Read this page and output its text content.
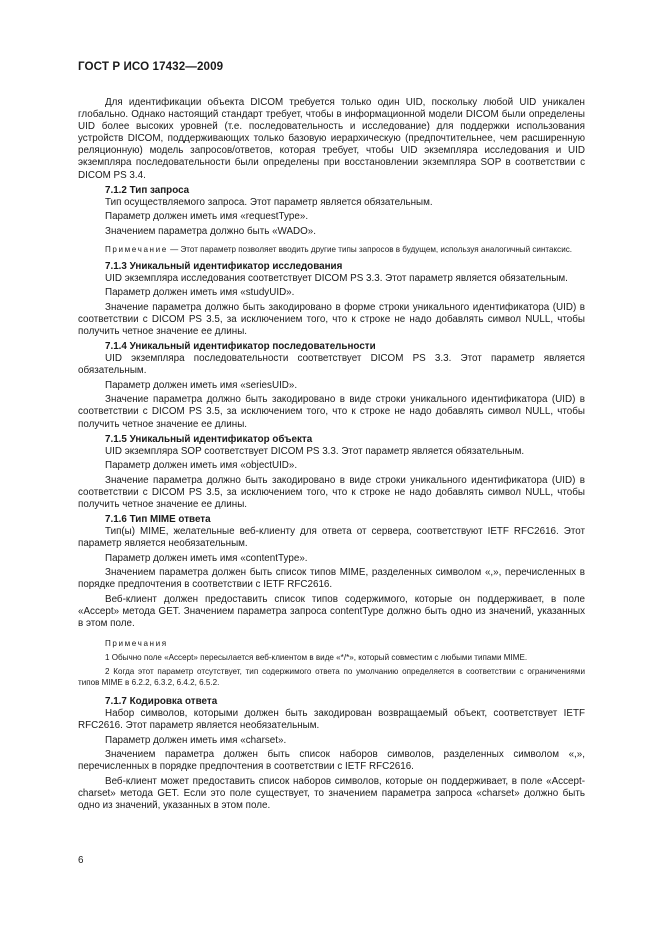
ГОСТ Р ИСО 17432—2009

Для идентификации объекта DICOM требуется только один UID, поскольку любой UID уникален глобально. Однако настоящий стандарт требует, чтобы в информационной модели DICOM были определены UID более высоких уровней (т.е. последовательность и исследование) для поддержки использования устройств DICOM, поддерживающих только базовую иерархическую (предпочтительнее, чем расширенную реляционную) модель запросов/ответов, которая требует, чтобы UID экземпляра исследования и UID экземпляра последовательности были определены при восстановлении экземпляра SOP в соответствии с DICOM PS 3.4.

7.1.2 Тип запроса

Тип осуществляемого запроса. Этот параметр является обязательным.

Параметр должен иметь имя «requestType».

Значением параметра должно быть «WADO».

Примечание — Этот параметр позволяет вводить другие типы запросов в будущем, используя аналогичный синтаксис.

7.1.3 Уникальный идентификатор исследования

UID экземпляра исследования соответствует DICOM PS 3.3. Этот параметр является обязательным.

Параметр должен иметь имя «studyUID».

Значение параметра должно быть закодировано в форме строки уникального идентификатора (UID) в соответствии с DICOM PS 3.5, за исключением того, что к строке не надо добавлять символ NULL, чтобы получить четное значение ее длины.

7.1.4 Уникальный идентификатор последовательности

UID экземпляра последовательности соответствует DICOM PS 3.3. Этот параметр является обязательным.

Параметр должен иметь имя «seriesUID».

Значение параметра должно быть закодировано в виде строки уникального идентификатора (UID) в соответствии с DICOM PS 3.5, за исключением того, что к строке не надо добавлять символ NULL, чтобы получить четное значение ее длины.

7.1.5 Уникальный идентификатор объекта

UID экземпляра SOP соответствует DICOM PS 3.3. Этот параметр является обязательным.

Параметр должен иметь имя «objectUID».

Значение параметра должно быть закодировано в виде строки уникального идентификатора (UID) в соответствии с DICOM PS 3.5, за исключением того, что к строке не надо добавлять символ NULL, чтобы получить четное значение ее длины.

7.1.6 Тип MIME ответа

Тип(ы) MIME, желательные веб-клиенту для ответа от сервера, соответствуют IETF RFC2616. Этот параметр является необязательным.

Параметр должен иметь имя «contentType».

Значением параметра должен быть список типов MIME, разделенных символом «,», перечисленных в порядке предпочтения в соответствии с IETF RFC2616.

Веб-клиент должен предоставить список типов содержимого, которые он поддерживает, в поле «Accept» метода GET. Значением параметра запроса contentType должно быть одно из значений, указанных в этом поле.

Примечания

1 Обычно поле «Accept» пересылается веб-клиентом в виде «*/*», который совместим с любыми типами MIME.

2 Когда этот параметр отсутствует, тип содержимого ответа по умолчанию определяется в соответствии с ограничениями типов MIME в 6.2.2, 6.3.2, 6.4.2, 6.5.2.

7.1.7 Кодировка ответа

Набор символов, которыми должен быть закодирован возвращаемый объект, соответствует IETF RFC2616. Этот параметр является необязательным.

Параметр должен иметь имя «charset».

Значением параметра должен быть список наборов символов, разделенных символом «,», перечисленных в порядке предпочтения в соответствии с IETF RFC2616.

Веб-клиент может предоставить список наборов символов, которые он поддерживает, в поле «Accept-charset» метода GET. Если это поле существует, то значением параметра запроса «charset» должно быть одно из значений, указанных в этом поле.

6
